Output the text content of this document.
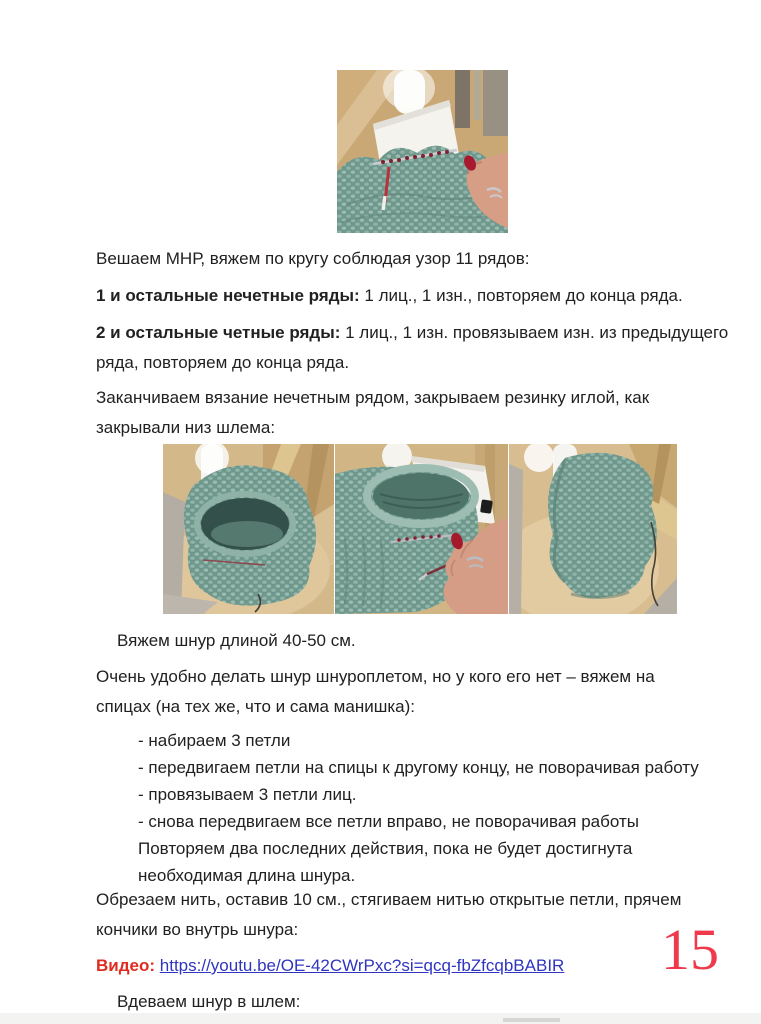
Вешаем МНР, вяжем по кругу соблюдая узор 11 рядов:
1 и остальные нечетные ряды: 1 лиц., 1 изн., повторяем до конца ряда.
2 и остальные четные ряды: 1 лиц., 1 изн. провязываем изн. из предыдущего
ряда, повторяем до конца ряда.
Заканчиваем вязание нечетным рядом, закрываем резинку иглой, как
закрывали низ шлема:
Вяжем шнур длиной 40-50 см.
Очень удобно делать шнур шнуроплетом, но у кого его нет – вяжем на
спицах (на тех же, что и сама манишка):
- набираем 3 петли
- передвигаем петли на спицы к другому концу, не поворачивая работу
- провязываем 3 петли лиц.
- снова передвигаем все петли вправо, не поворачивая работы
Повторяем два последних действия, пока не будет достигнута
необходимая длина шнура.
Обрезаем нить, оставив 10 см., стягиваем нитью открытые петли, прячем
кончики во внутрь шнура:
Видео: https://youtu.be/OE-42CWrPxc?si=qcq-fbZfcqbBABIR
Вдеваем шнур в шлем:
15
